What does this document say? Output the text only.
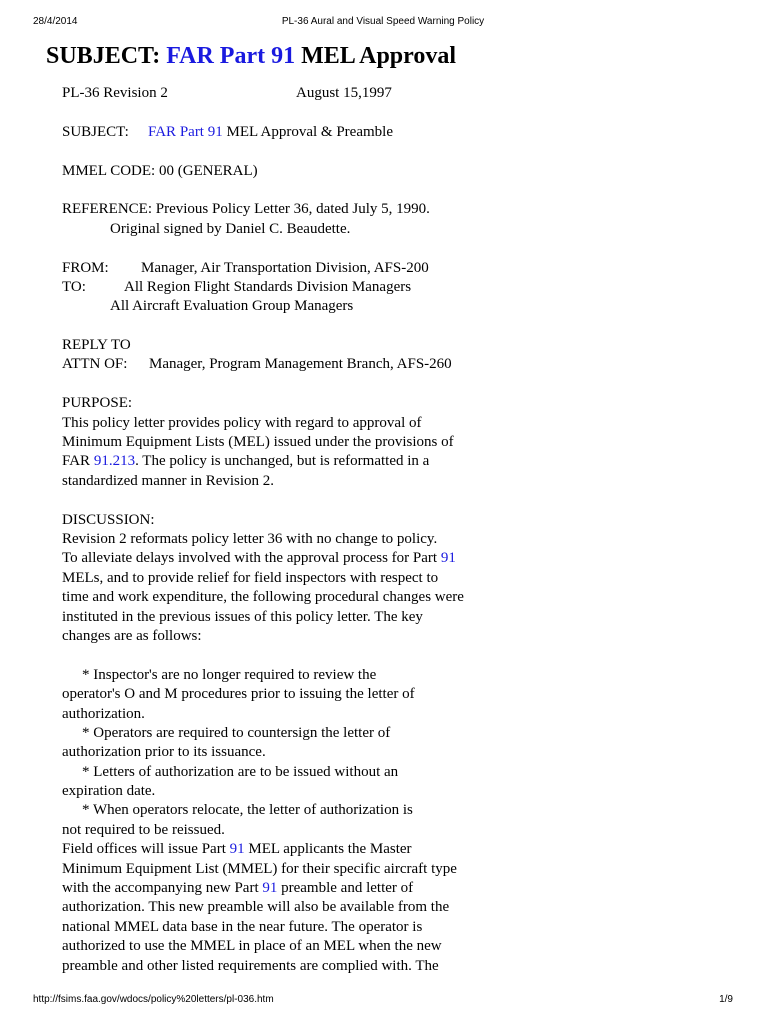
28/4/2014	PL-36 Aural and Visual Speed Warning Policy
SUBJECT: FAR Part 91 MEL Approval
PL-36 Revision 2	August 15,1997
SUBJECT: FAR Part 91 MEL Approval & Preamble
MMEL CODE: 00 (GENERAL)
REFERENCE: Previous Policy Letter 36, dated July 5, 1990.
Original signed by Daniel C. Beaudette.
FROM: Manager, Air Transportation Division, AFS-200
TO:	All Region Flight Standards Division Managers
All Aircraft Evaluation Group Managers
REPLY TO
ATTN OF: Manager, Program Management Branch, AFS-260
PURPOSE:
This policy letter provides policy with regard to approval of
Minimum Equipment Lists (MEL) issued under the provisions of
FAR 91.213. The policy is unchanged, but is reformatted in a
standardized manner in Revision 2.
DISCUSSION:
Revision 2 reformats policy letter 36 with no change to policy.
To alleviate delays involved with the approval process for Part 91
MELs, and to provide relief for field inspectors with respect to
time and work expenditure, the following procedural changes were
instituted in the previous issues of this policy letter. The key
changes are as follows:
* Inspector's are no longer required to review the
operator's O and M procedures prior to issuing the letter of
authorization.
* Operators are required to countersign the letter of
authorization prior to its issuance.
* Letters of authorization are to be issued without an
expiration date.
* When operators relocate, the letter of authorization is
not required to be reissued.
Field offices will issue Part 91 MEL applicants the Master
Minimum Equipment List (MMEL) for their specific aircraft type
with the accompanying new Part 91 preamble and letter of
authorization. This new preamble will also be available from the
national MMEL data base in the near future. The operator is
authorized to use the MMEL in place of an MEL when the new
preamble and other listed requirements are complied with. The
http://fsims.faa.gov/wdocs/policy%20letters/pl-036.htm	1/9
